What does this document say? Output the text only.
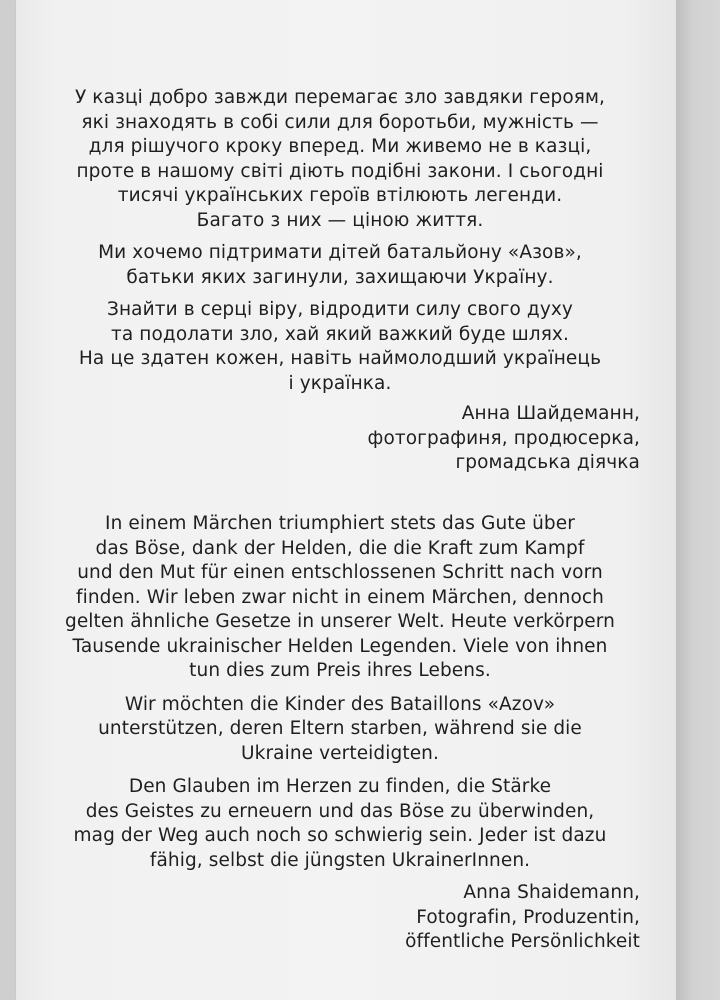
У казці добро завжди перемагає зло завдяки героям,
які знаходять в собі сили для боротьби, мужність —
для рішучого кроку вперед. Ми живемо не в казці,
проте в нашому світі діють подібні закони. І сьогодні
тисячі українських героїв втілюють легенди.
Багато з них — ціною життя.

Ми хочемо підтримати дітей батальйону «Азов»,
батьки яких загинули, захищаючи Україну.

Знайти в серці віру, відродити силу свого духу
та подолати зло, хай який важкий буде шлях.
На це здатен кожен, навіть наймолодший українець
і українка.

Анна Шайдеманн,
фотографиня, продюсерка,
громадська діячка

In einem Märchen triumphiert stets das Gute über
das Böse, dank der Helden, die die Kraft zum Kampf
und den Mut für einen entschlossenen Schritt nach vorn
finden. Wir leben zwar nicht in einem Märchen, dennoch
gelten ähnliche Gesetze in unserer Welt. Heute verkörpern
Tausende ukrainischer Helden Legenden. Viele von ihnen
tun dies zum Preis ihres Lebens.

Wir möchten die Kinder des Bataillons «Azov»
unterstützen, deren Eltern starben, während sie die
Ukraine verteidigten.

Den Glauben im Herzen zu finden, die Stärke
des Geistes zu erneuern und das Böse zu überwinden,
mag der Weg auch noch so schwierig sein. Jeder ist dazu
fähig, selbst die jüngsten UkrainerInnen.

Anna Shaidemann,
Fotografin, Produzentin,
öffentliche Persönlichkeit
